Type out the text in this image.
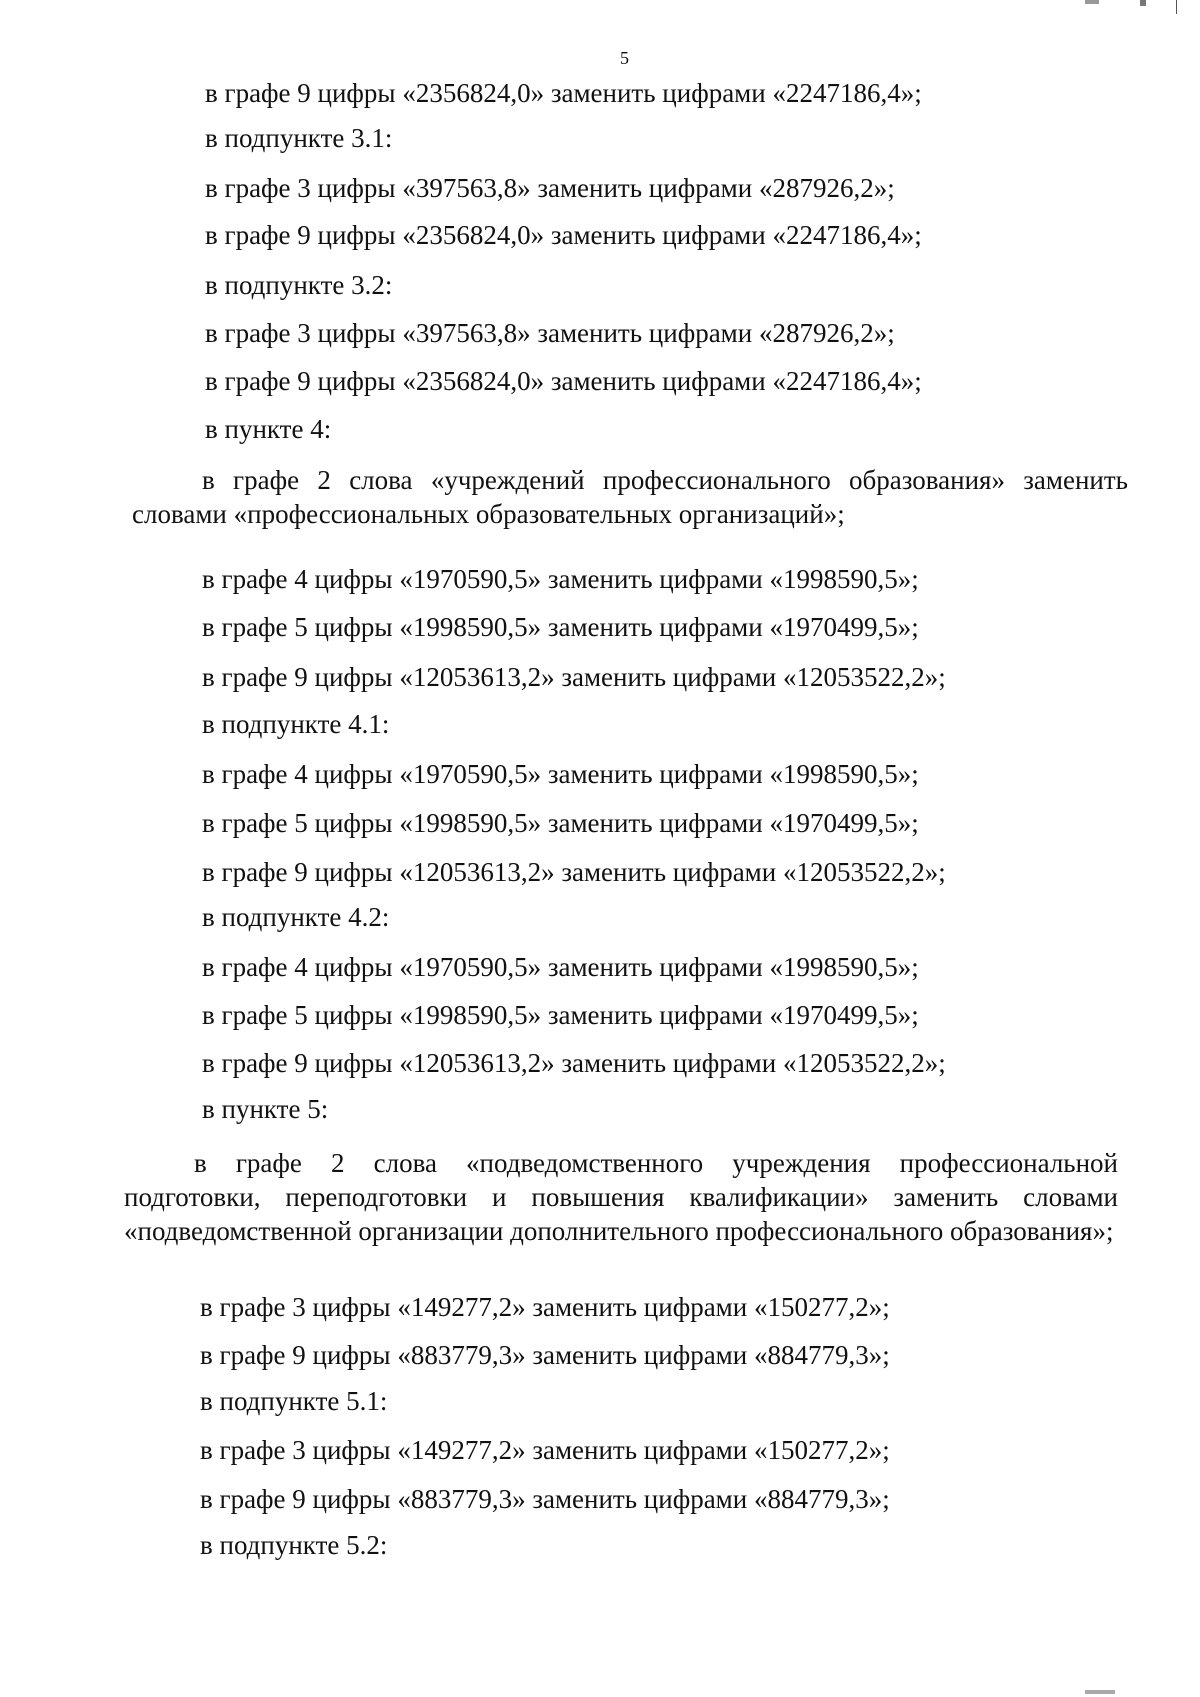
5
в графе 9 цифры «2356824,0» заменить цифрами «2247186,4»;
в подпункте 3.1:
в графе 3 цифры «397563,8» заменить цифрами «287926,2»;
в графе 9 цифры «2356824,0» заменить цифрами «2247186,4»;
в подпункте 3.2:
в графе 3 цифры «397563,8» заменить цифрами «287926,2»;
в графе 9 цифры «2356824,0» заменить цифрами «2247186,4»;
в пункте 4:
в графе 2 слова «учреждений профессионального образования» заменить словами «профессиональных образовательных организаций»;
в графе 4 цифры «1970590,5» заменить цифрами «1998590,5»;
в графе 5 цифры «1998590,5» заменить цифрами «1970499,5»;
в графе 9 цифры «12053613,2» заменить цифрами «12053522,2»;
в подпункте 4.1:
в графе 4 цифры «1970590,5» заменить цифрами «1998590,5»;
в графе 5 цифры «1998590,5» заменить цифрами «1970499,5»;
в графе 9 цифры «12053613,2» заменить цифрами «12053522,2»;
в подпункте 4.2:
в графе 4 цифры «1970590,5» заменить цифрами «1998590,5»;
в графе 5 цифры «1998590,5» заменить цифрами «1970499,5»;
в графе 9 цифры «12053613,2» заменить цифрами «12053522,2»;
в пункте 5:
в графе 2 слова «подведомственного учреждения профессиональной подготовки, переподготовки и повышения квалификации» заменить словами «подведомственной организации дополнительного профессионального образования»;
в графе 3 цифры «149277,2» заменить цифрами «150277,2»;
в графе 9 цифры «883779,3» заменить цифрами «884779,3»;
в подпункте 5.1:
в графе 3 цифры «149277,2» заменить цифрами «150277,2»;
в графе 9 цифры «883779,3» заменить цифрами «884779,3»;
в подпункте 5.2:
